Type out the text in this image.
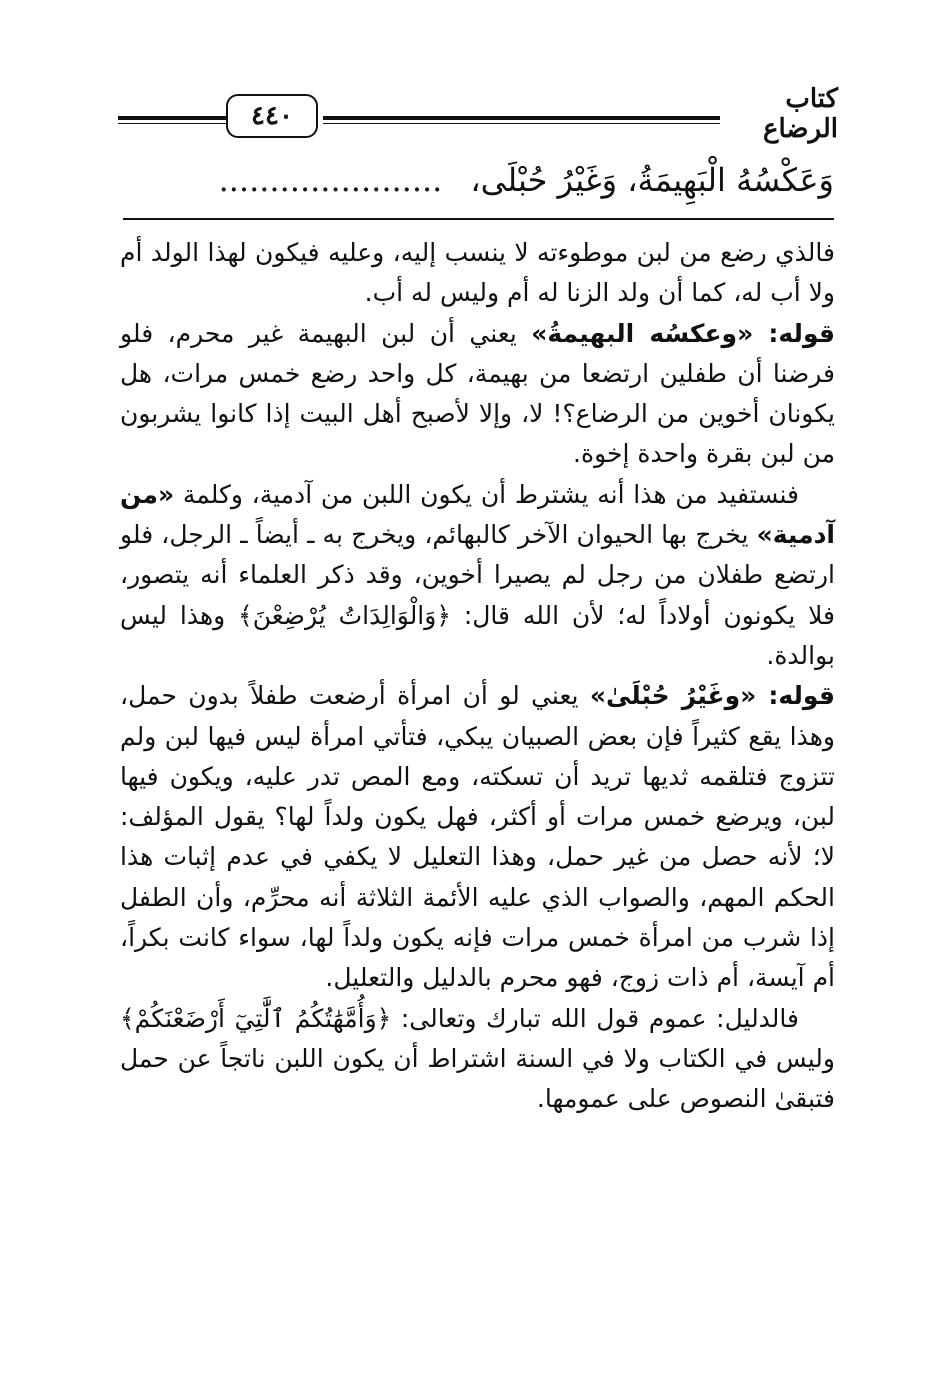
٤٤٠
كتاب الرضاع
وَعَكْسُهُ الْبَهِيمَةُ، وَغَيْرُ حُبْلَى،......................

فالذي رضع من لبن موطوءته لا ينسب إليه، وعليه فيكون لهذا الولد أم ولا أب له، كما أن ولد الزنا له أم وليس له أب.

قوله: «وعكسُه البهيمةُ» يعني أن لبن البهيمة غير محرم، فلو فرضنا أن طفلين ارتضعا من بهيمة، كل واحد رضع خمس مرات، هل يكونان أخوين من الرضاع؟! لا، وإلا لأصبح أهل البيت إذا كانوا يشربون من لبن بقرة واحدة إخوة.

فنستفيد من هذا أنه يشترط أن يكون اللبن من آدمية، وكلمة «من آدمية» يخرج بها الحيوان الآخر كالبهائم، ويخرج به ـ أيضاً ـ الرجل، فلو ارتضع طفلان من رجل لم يصيرا أخوين، وقد ذكر العلماء أنه يتصور، فلا يكونون أولاداً له؛ لأن الله قال: ﴿وَالْوَالِدَاتُ يُرْضِعْنَ﴾ وهذا ليس بوالدة.

قوله: «وغَيْرُ حُبْلَىٰ» يعني لو أن امرأة أرضعت طفلاً بدون حمل، وهذا يقع كثيراً فإن بعض الصبيان يبكي، فتأتي امرأة ليس فيها لبن ولم تتزوج فتلقمه ثديها تريد أن تسكته، ومع المص تدر عليه، ويكون فيها لبن، ويرضع خمس مرات أو أكثر، فهل يكون ولداً لها؟ يقول المؤلف: لا؛ لأنه حصل من غير حمل، وهذا التعليل لا يكفي في عدم إثبات هذا الحكم المهم، والصواب الذي عليه الأئمة الثلاثة أنه محرِّم، وأن الطفل إذا شرب من امرأة خمس مرات فإنه يكون ولداً لها، سواء كانت بكراً، أم آيسة، أم ذات زوج، فهو محرم بالدليل والتعليل.

فالدليل: عموم قول الله تبارك وتعالى: ﴿وَأُمَّهَٰتُكُمُ ٱلَّٰتِيٓ أَرْضَعْنَكُمْ﴾ وليس في الكتاب ولا في السنة اشتراط أن يكون اللبن ناتجاً عن حمل فتبقىٰ النصوص على عمومها.
